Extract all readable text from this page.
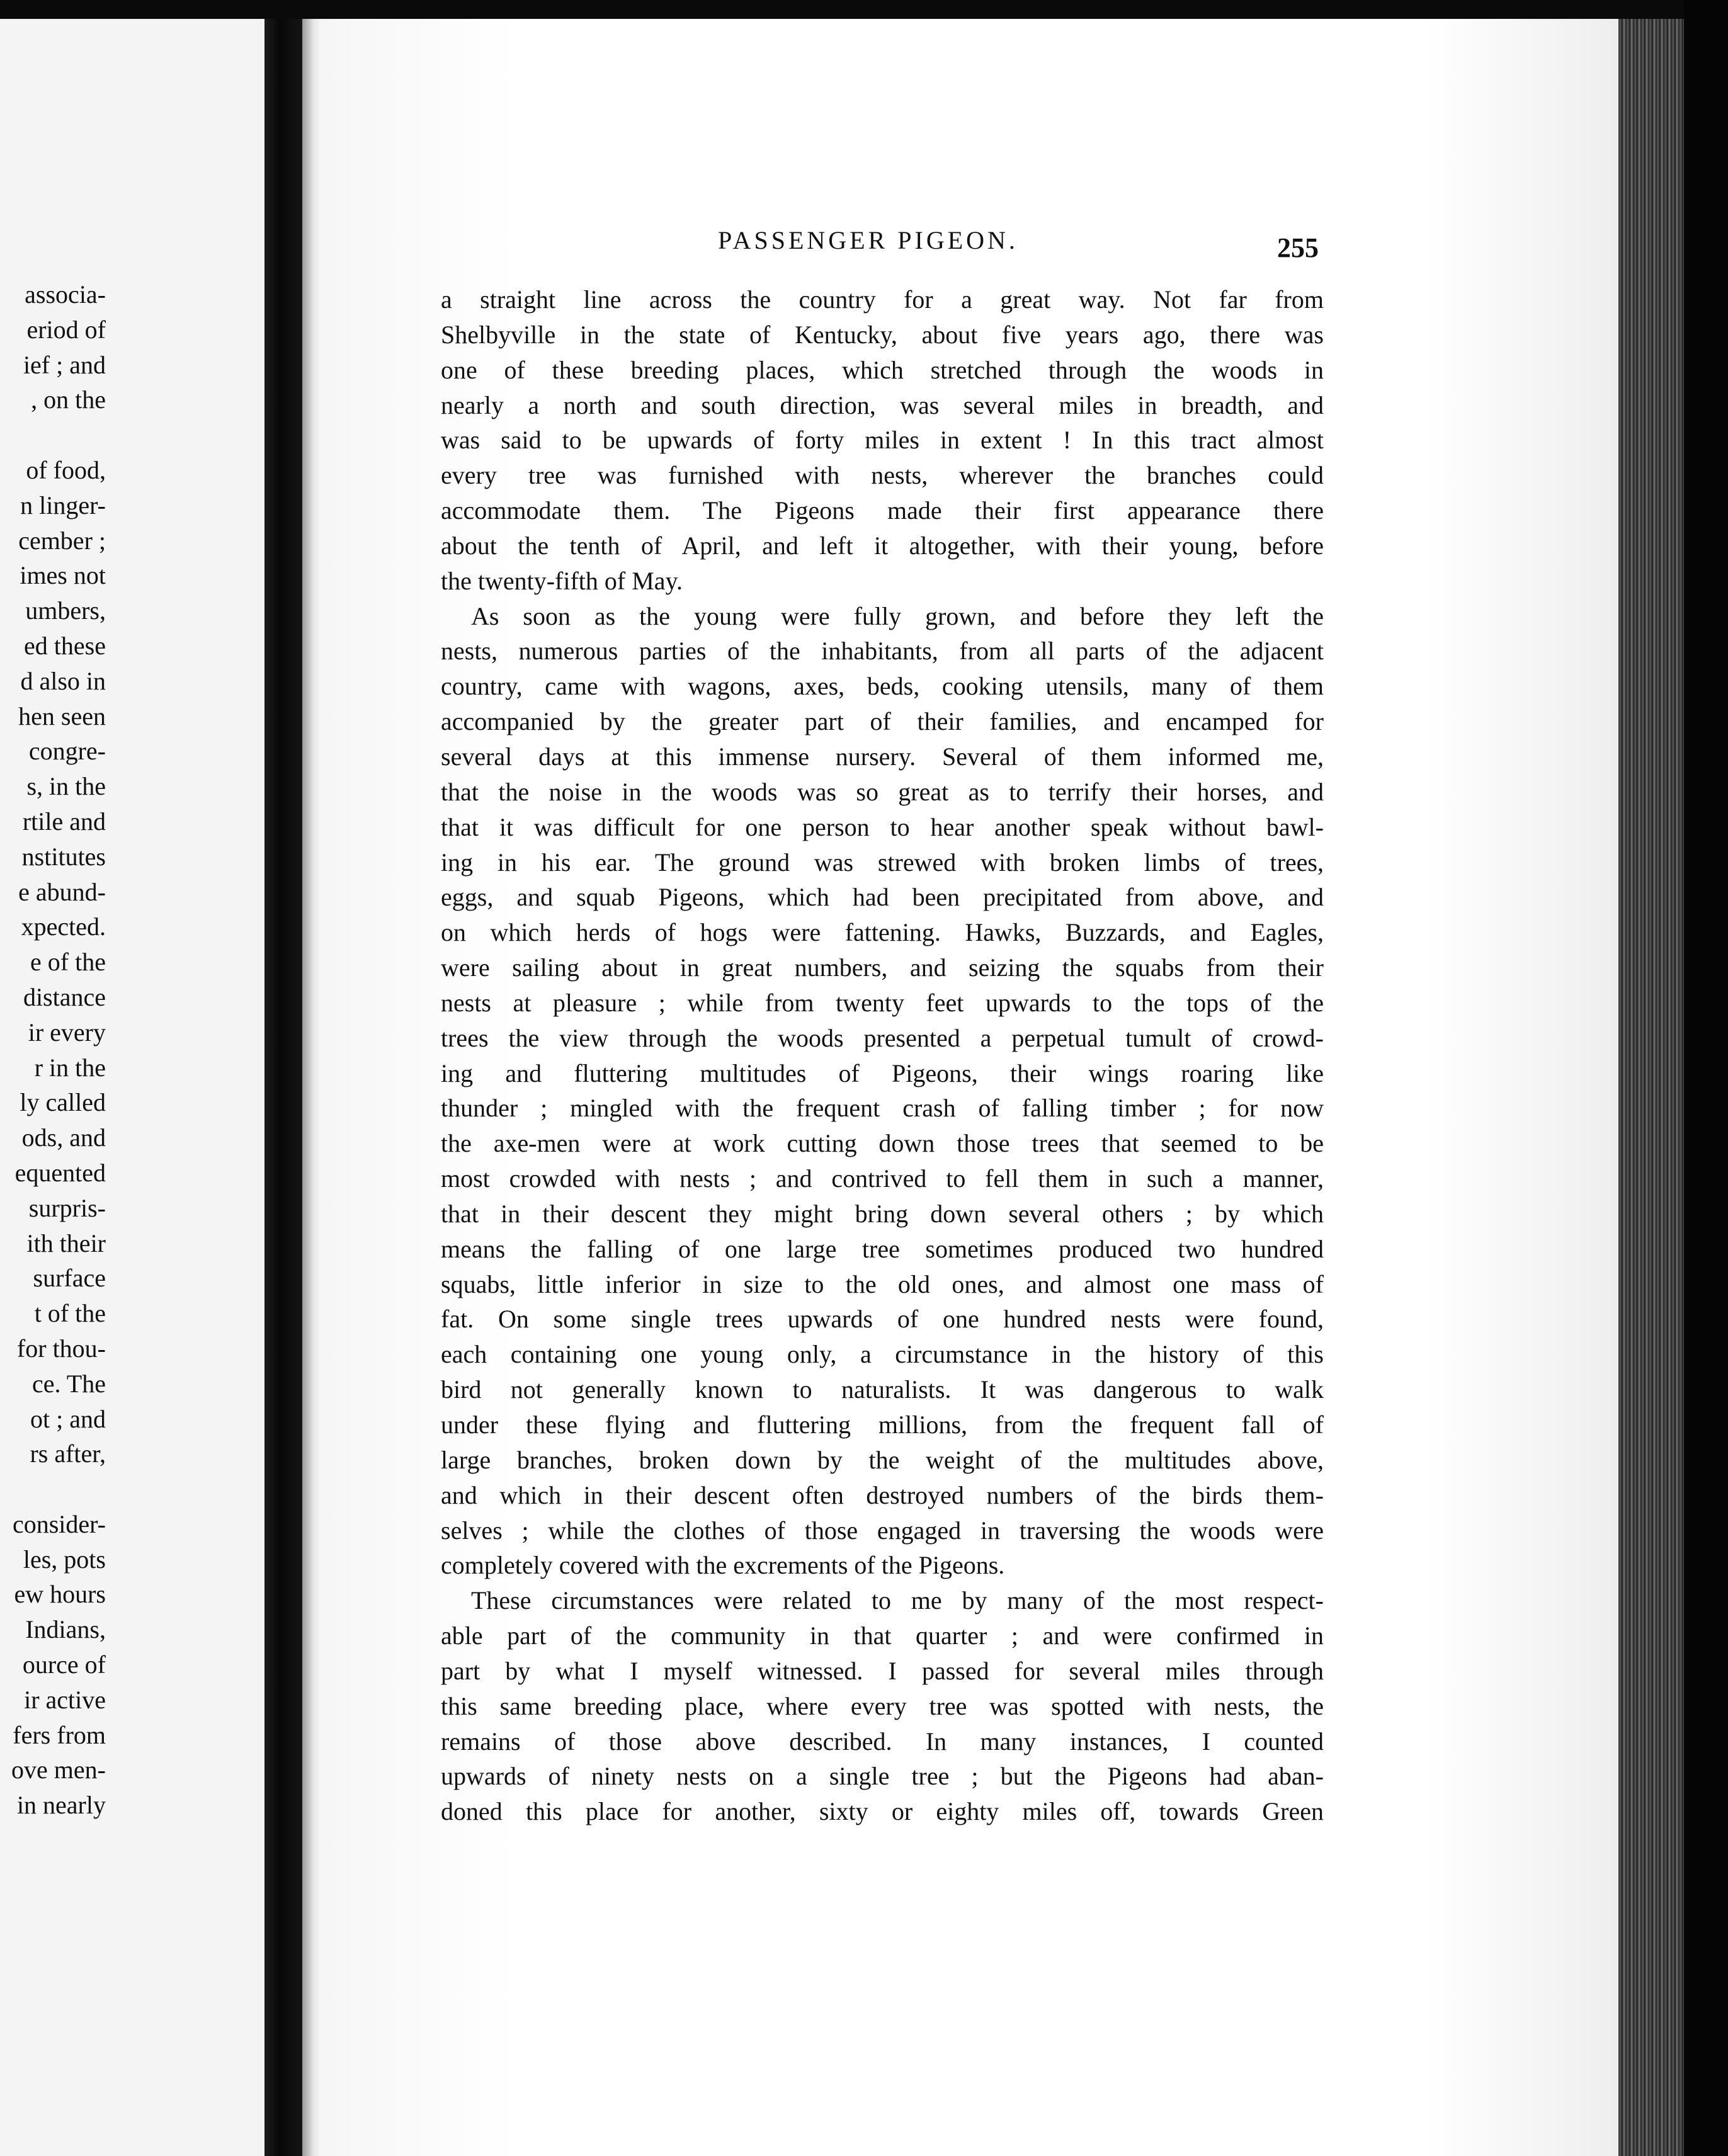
associa-
eriod of
ief ; and
, on the
of food,
n linger-
cember ;
imes not
umbers,
ed these
d also in
hen seen
congre-
s, in the
rtile and
nstitutes
e abund-
xpected.
e of the
distance
ir every
r in the
ly called
ods, and
equented
surpris-
ith their
surface
t of the
for thou-
ce. The
ot ; and
rs after,
consider-
les, pots
ew hours
Indians,
ource of
ir active
fers from
ove men-
in nearly
PASSENGER PIGEON.	255
a straight line across the country for a great way. Not far from
Shelbyville in the state of Kentucky, about five years ago, there was
one of these breeding places, which stretched through the woods in
nearly a north and south direction, was several miles in breadth, and
was said to be upwards of forty miles in extent ! In this tract almost
every tree was furnished with nests, wherever the branches could
accommodate them. The Pigeons made their first appearance there
about the tenth of April, and left it altogether, with their young, before
the twenty-fifth of May.
As soon as the young were fully grown, and before they left the
nests, numerous parties of the inhabitants, from all parts of the adjacent
country, came with wagons, axes, beds, cooking utensils, many of them
accompanied by the greater part of their families, and encamped for
several days at this immense nursery. Several of them informed me,
that the noise in the woods was so great as to terrify their horses, and
that it was difficult for one person to hear another speak without bawl-
ing in his ear. The ground was strewed with broken limbs of trees,
eggs, and squab Pigeons, which had been precipitated from above, and
on which herds of hogs were fattening. Hawks, Buzzards, and Eagles,
were sailing about in great numbers, and seizing the squabs from their
nests at pleasure ; while from twenty feet upwards to the tops of the
trees the view through the woods presented a perpetual tumult of crowd-
ing and fluttering multitudes of Pigeons, their wings roaring like
thunder ; mingled with the frequent crash of falling timber ; for now
the axe-men were at work cutting down those trees that seemed to be
most crowded with nests ; and contrived to fell them in such a manner,
that in their descent they might bring down several others ; by which
means the falling of one large tree sometimes produced two hundred
squabs, little inferior in size to the old ones, and almost one mass of
fat. On some single trees upwards of one hundred nests were found,
each containing one young only, a circumstance in the history of this
bird not generally known to naturalists. It was dangerous to walk
under these flying and fluttering millions, from the frequent fall of
large branches, broken down by the weight of the multitudes above,
and which in their descent often destroyed numbers of the birds them-
selves ; while the clothes of those engaged in traversing the woods were
completely covered with the excrements of the Pigeons.
These circumstances were related to me by many of the most respect-
able part of the community in that quarter ; and were confirmed in
part by what I myself witnessed. I passed for several miles through
this same breeding place, where every tree was spotted with nests, the
remains of those above described. In many instances, I counted
upwards of ninety nests on a single tree ; but the Pigeons had aban-
doned this place for another, sixty or eighty miles off, towards Green
